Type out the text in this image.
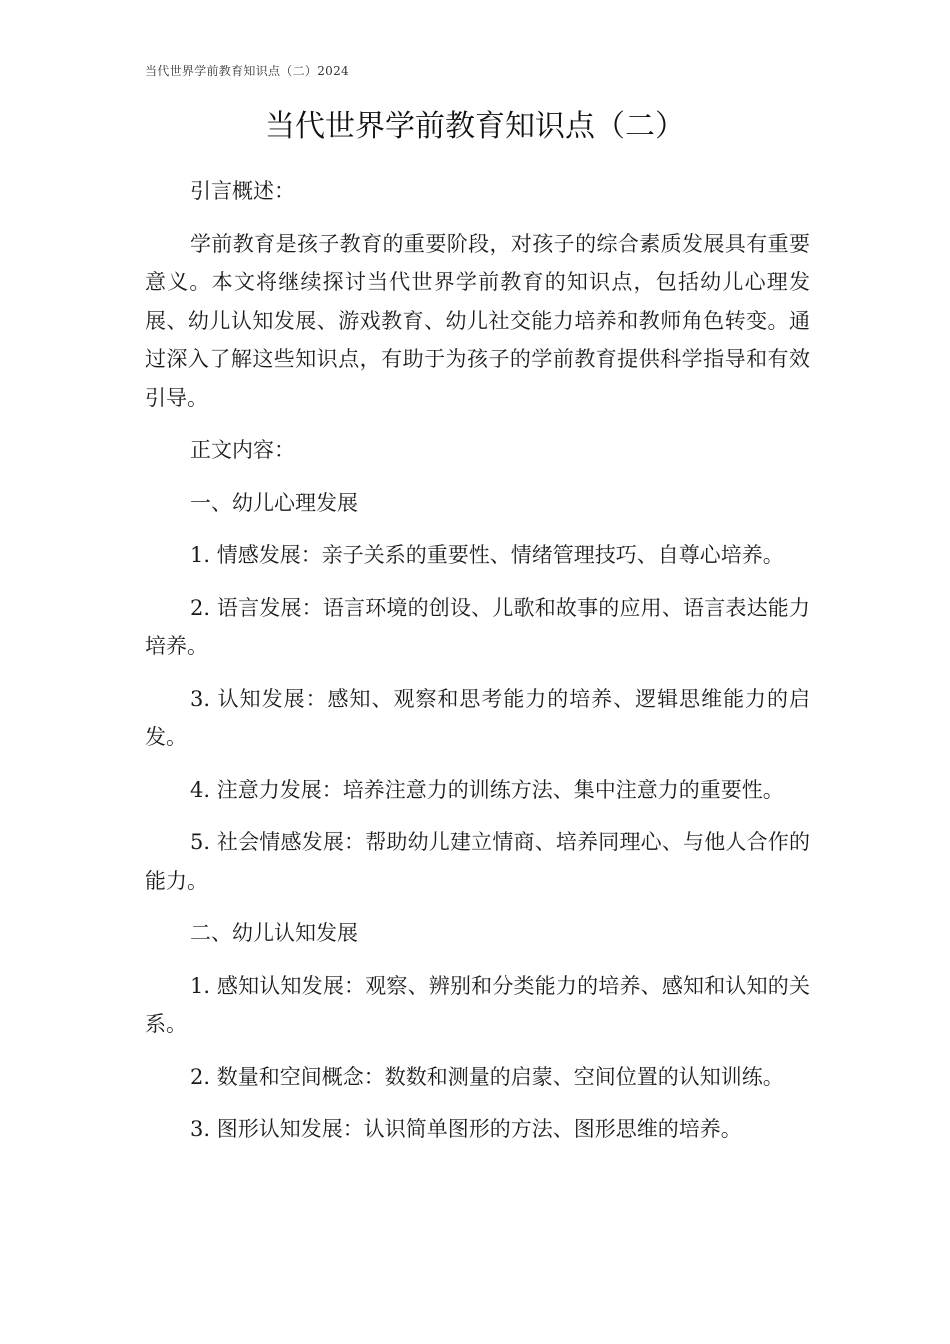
当代世界学前教育知识点（二）2024
当代世界学前教育知识点（二）

引言概述：

学前教育是孩子教育的重要阶段，对孩子的综合素质发展具有重要意义。本文将继续探讨当代世界学前教育的知识点，包括幼儿心理发展、幼儿认知发展、游戏教育、幼儿社交能力培养和教师角色转变。通过深入了解这些知识点，有助于为孩子的学前教育提供科学指导和有效引导。

正文内容：

一、幼儿心理发展

1. 情感发展：亲子关系的重要性、情绪管理技巧、自尊心培养。

2. 语言发展：语言环境的创设、儿歌和故事的应用、语言表达能力培养。

3. 认知发展：感知、观察和思考能力的培养、逻辑思维能力的启发。

4. 注意力发展：培养注意力的训练方法、集中注意力的重要性。

5. 社会情感发展：帮助幼儿建立情商、培养同理心、与他人合作的能力。

二、幼儿认知发展

1. 感知认知发展：观察、辨别和分类能力的培养、感知和认知的关系。

2. 数量和空间概念：数数和测量的启蒙、空间位置的认知训练。

3. 图形认知发展：认识简单图形的方法、图形思维的培养。
